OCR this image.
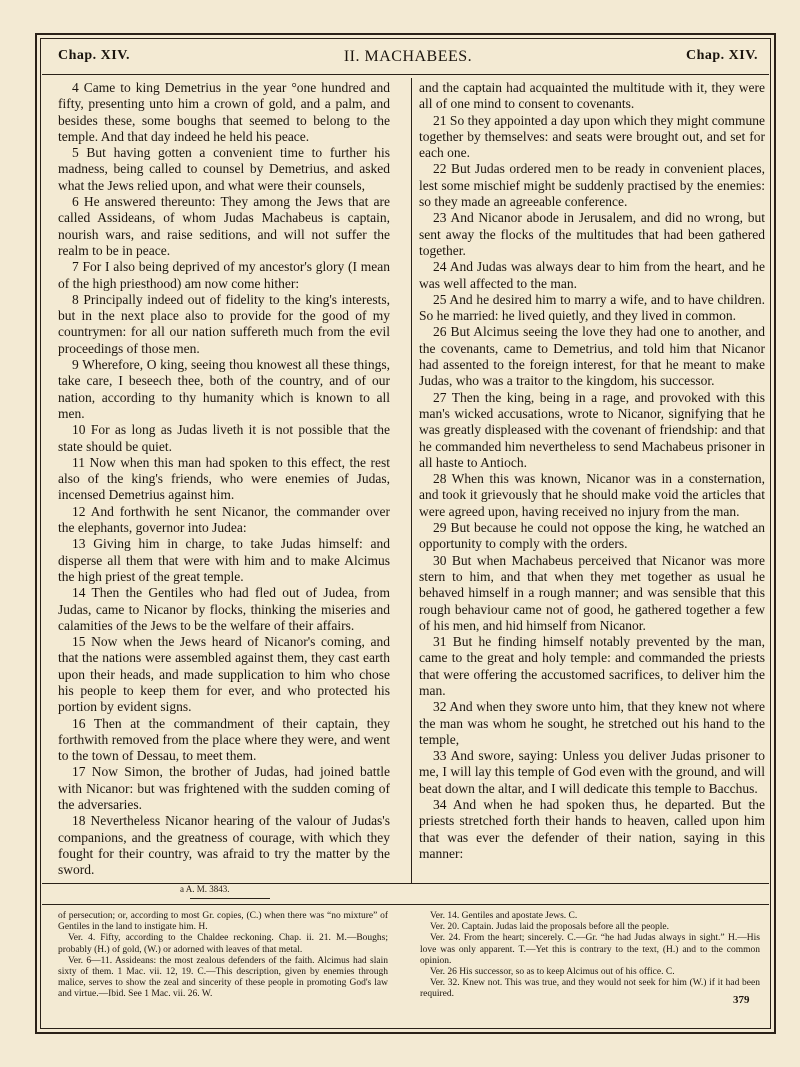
Chap. XIV.	II. MACHABEES.	Chap. XIV.

4 Came to king Demetrius in the year °one hundred and fifty, presenting unto him a crown of gold, and a palm, and besides these, some boughs that seemed to belong to the temple. And that day indeed he held his peace.

5 But having gotten a convenient time to further his madness, being called to counsel by Demetrius, and asked what the Jews relied upon, and what were their counsels,

6 He answered thereunto: They among the Jews that are called Assideans, of whom Judas Machabeus is captain, nourish wars, and raise seditions, and will not suffer the realm to be in peace.

7 For I also being deprived of my ancestor's glory (I mean of the high priesthood) am now come hither:

8 Principally indeed out of fidelity to the king's interests, but in the next place also to provide for the good of my countrymen: for all our nation suffereth much from the evil proceedings of those men.

9 Wherefore, O king, seeing thou knowest all these things, take care, I beseech thee, both of the country, and of our nation, according to thy humanity which is known to all men.

10 For as long as Judas liveth it is not possible that the state should be quiet.

11 Now when this man had spoken to this effect, the rest also of the king's friends, who were enemies of Judas, incensed Demetrius against him.

12 And forthwith he sent Nicanor, the commander over the elephants, governor into Judea:

13 Giving him in charge, to take Judas himself: and disperse all them that were with him and to make Alcimus the high priest of the great temple.

14 Then the Gentiles who had fled out of Judea, from Judas, came to Nicanor by flocks, thinking the miseries and calamities of the Jews to be the welfare of their affairs.

15 Now when the Jews heard of Nicanor's coming, and that the nations were assembled against them, they cast earth upon their heads, and made supplication to him who chose his people to keep them for ever, and who protected his portion by evident signs.

16 Then at the commandment of their captain, they forthwith removed from the place where they were, and went to the town of Dessau, to meet them.

17 Now Simon, the brother of Judas, had joined battle with Nicanor: but was frightened with the sudden coming of the adversaries.

18 Nevertheless Nicanor hearing of the valour of Judas's companions, and the greatness of courage, with which they fought for their country, was afraid to try the matter by the sword.

and the captain had acquainted the multitude with it, they were all of one mind to consent to covenants.

21 So they appointed a day upon which they might commune together by themselves: and seats were brought out, and set for each one.

22 But Judas ordered men to be ready in convenient places, lest some mischief might be suddenly practised by the enemies: so they made an agreeable conference.

23 And Nicanor abode in Jerusalem, and did no wrong, but sent away the flocks of the multitudes that had been gathered together.

24 And Judas was always dear to him from the heart, and he was well affected to the man.

25 And he desired him to marry a wife, and to have children. So he married: he lived quietly, and they lived in common.

26 But Alcimus seeing the love they had one to another, and the covenants, came to Demetrius, and told him that Nicanor had assented to the foreign interest, for that he meant to make Judas, who was a traitor to the kingdom, his successor.

27 Then the king, being in a rage, and provoked with this man's wicked accusations, wrote to Nicanor, signifying that he was greatly displeased with the covenant of friendship: and that he commanded him nevertheless to send Machabeus prisoner in all haste to Antioch.

28 When this was known, Nicanor was in a consternation, and took it grievously that he should make void the articles that were agreed upon, having received no injury from the man.

29 But because he could not oppose the king, he watched an opportunity to comply with the orders.

30 But when Machabeus perceived that Nicanor was more stern to him, and that when they met together as usual he behaved himself in a rough manner; and was sensible that this rough behaviour came not of good, he gathered together a few of his men, and hid himself from Nicanor.

31 But he finding himself notably prevented by the man, came to the great and holy temple: and commanded the priests that were offering the accustomed sacrifices, to deliver him the man.

32 And when they swore unto him, that they knew not where the man was whom he sought, he stretched out his hand to the temple,

33 And swore, saying: Unless you deliver Judas prisoner to me, I will lay this temple of God even with the ground, and will beat down the altar, and I will dedicate this temple to Bacchus.

34 And when he had spoken thus, he departed. But the priests stretched forth their hands to heaven, called upon him that was ever the defender of their nation, saying in this manner:

a A. M. 3843.

of persecution; or, according to most Gr. copies, (C.) when there was “no mixture” of Gentiles in the land to instigate him. H.

Ver. 4. Fifty, according to the Chaldee reckoning. Chap. ii. 21. M.—Boughs; probably (H.) of gold, (W.) or adorned with leaves of that metal.

Ver. 6—11. Assideans: the most zealous defenders of the faith. Alcimus had slain sixty of them. 1 Mac. vii. 12, 19. C.—This description, given by enemies through malice, serves to show the zeal and sincerity of these people in promoting God's law and virtue.—Ibid. See 1 Mac. vii. 26. W.

Ver. 14. Gentiles and apostate Jews. C.

Ver. 20. Captain. Judas laid the proposals before all the people.

Ver. 24. From the heart; sincerely. C.—Gr. “he had Judas always in sight.” H.—His love was only apparent. T.—Yet this is contrary to the text, (H.) and to the common opinion.

Ver. 26 His successor, so as to keep Alcimus out of his office. C.

Ver. 32. Knew not. This was true, and they would not seek for him (W.) if it had been required.	379
